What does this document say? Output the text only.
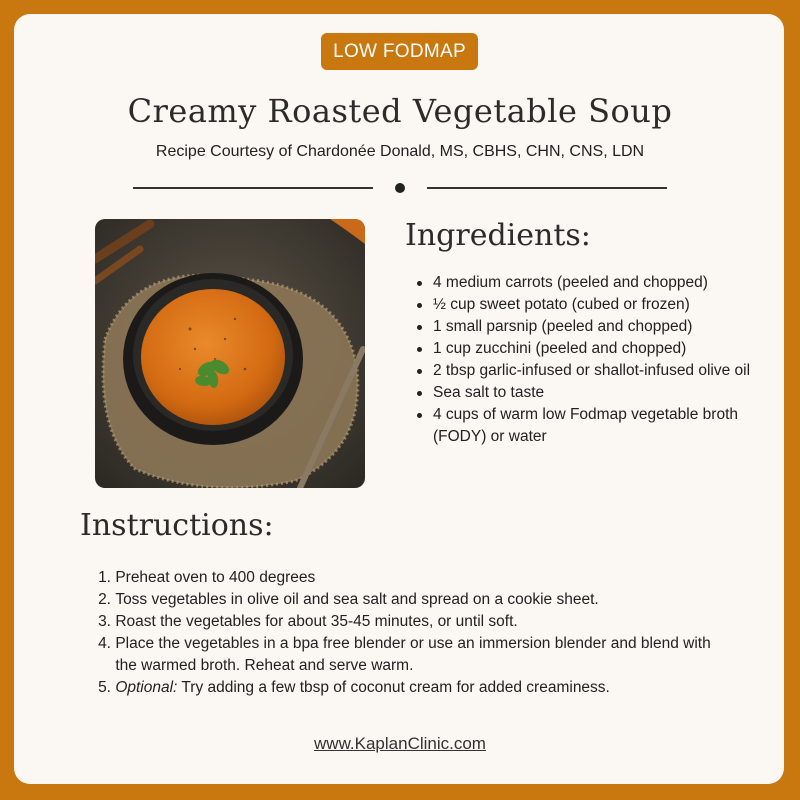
LOW FODMAP
Creamy Roasted Vegetable Soup
Recipe Courtesy of Chardonée Donald, MS, CBHS, CHN, CNS, LDN
Ingredients:
4 medium carrots (peeled and chopped)
½ cup sweet potato (cubed or frozen)
1 small parsnip (peeled and chopped)
1 cup zucchini (peeled and chopped)
2 tbsp garlic-infused or shallot-infused olive oil
Sea salt to taste
4 cups of warm low Fodmap vegetable broth (FODY) or water
Instructions:
1.
Preheat oven to 400 degrees
2.
Toss vegetables in olive oil and sea salt and spread on a cookie sheet.
3.
Roast the vegetables for about 35-45 minutes, or until soft.
4.
Place the vegetables in a bpa free blender or use an immersion blender and blend with the warmed broth. Reheat and serve warm.
5.
Optional: Try adding a few tbsp of coconut cream for added creaminess.
www.KaplanClinic.com
